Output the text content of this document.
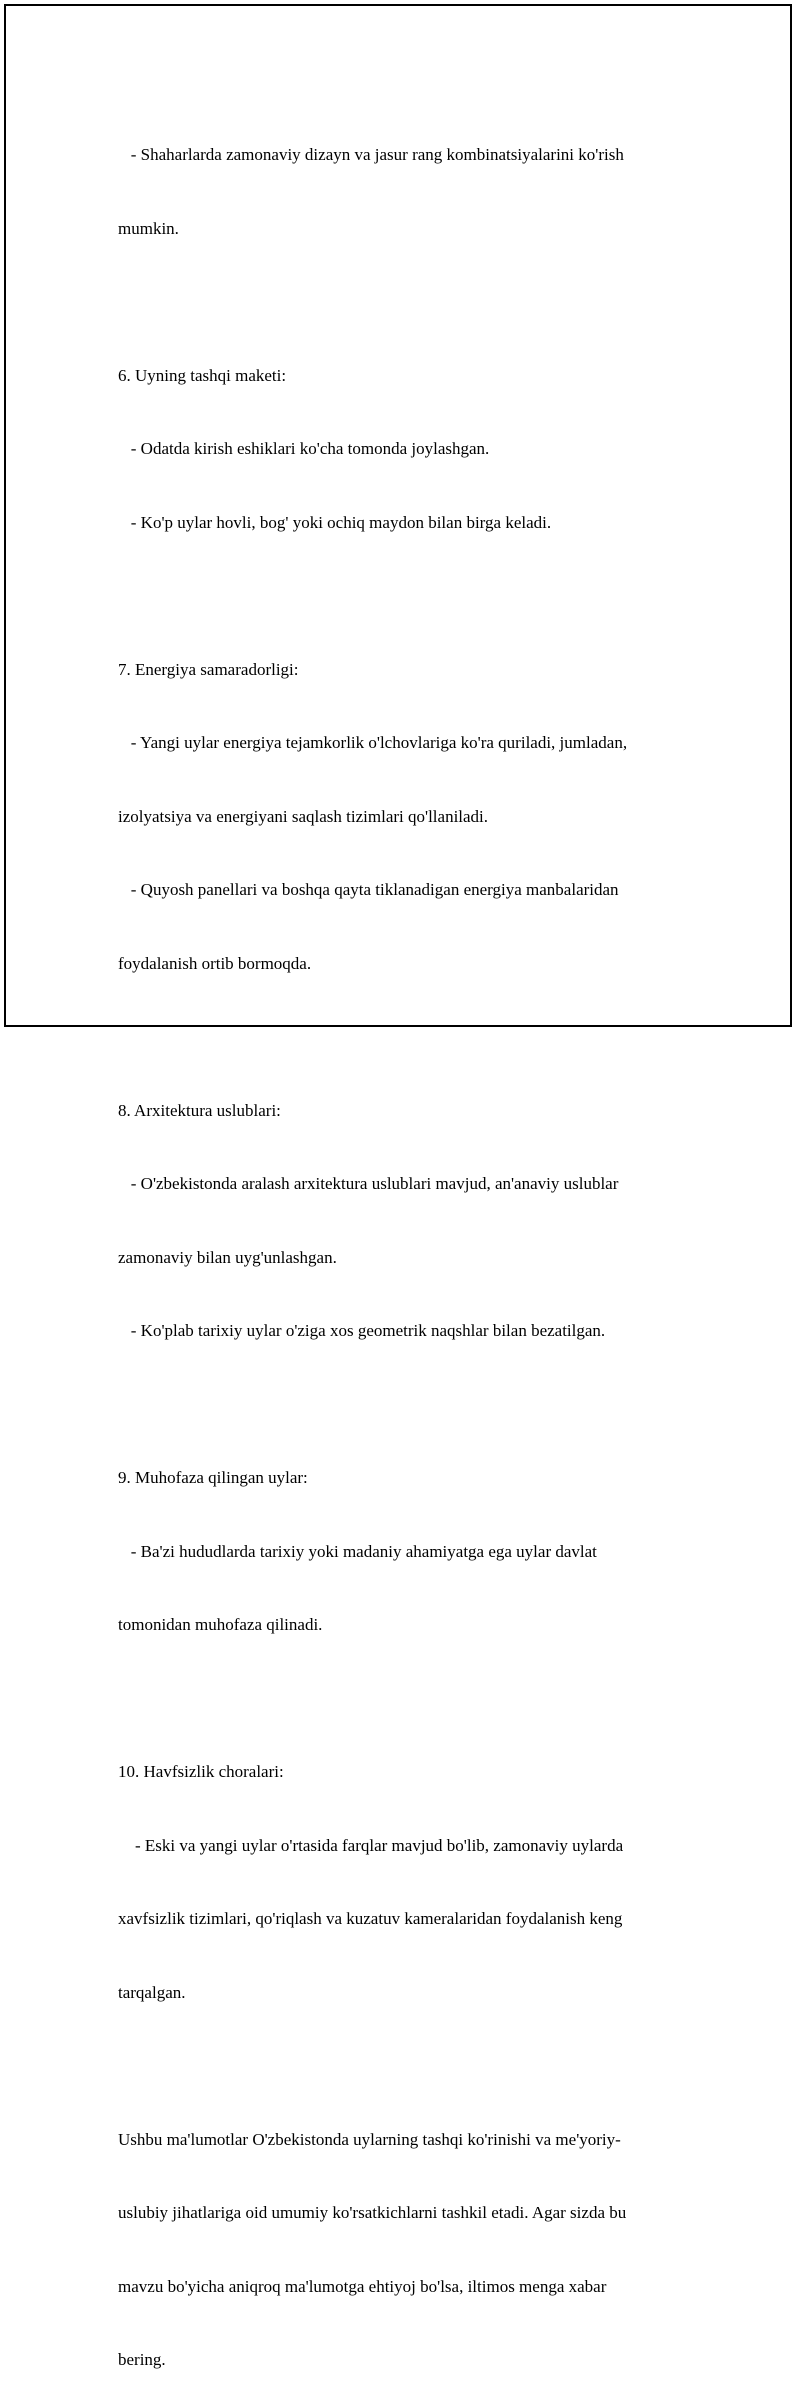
- Shaharlarda zamonaviy dizayn va jasur rang kombinatsiyalarini ko'rish

mumkin.

6. Uyning tashqi maketi:

- Odatda kirish eshiklari ko'cha tomonda joylashgan.

- Ko'p uylar hovli, bog' yoki ochiq maydon bilan birga keladi.

7. Energiya samaradorligi:

- Yangi uylar energiya tejamkorlik o'lchovlariga ko'ra quriladi, jumladan,

izolyatsiya va energiyani saqlash tizimlari qo'llaniladi.

- Quyosh panellari va boshqa qayta tiklanadigan energiya manbalaridan

foydalanish ortib bormoqda.

8. Arxitektura uslublari:

- O'zbekistonda aralash arxitektura uslublari mavjud, an'anaviy uslublar

zamonaviy bilan uyg'unlashgan.

- Ko'plab tarixiy uylar o'ziga xos geometrik naqshlar bilan bezatilgan.

9. Muhofaza qilingan uylar:

- Ba'zi hududlarda tarixiy yoki madaniy ahamiyatga ega uylar davlat

tomonidan muhofaza qilinadi.

10. Havfsizlik choralari:

- Eski va yangi uylar o'rtasida farqlar mavjud bo'lib, zamonaviy uylarda

xavfsizlik tizimlari, qo'riqlash va kuzatuv kameralaridan foydalanish keng

tarqalgan.

Ushbu ma'lumotlar O'zbekistonda uylarning tashqi ko'rinishi va me'yoriy-

uslubiy jihatlariga oid umumiy ko'rsatkichlarni tashkil etadi. Agar sizda bu

mavzu bo'yicha aniqroq ma'lumotga ehtiyoj bo'lsa, iltimos menga xabar

bering.
